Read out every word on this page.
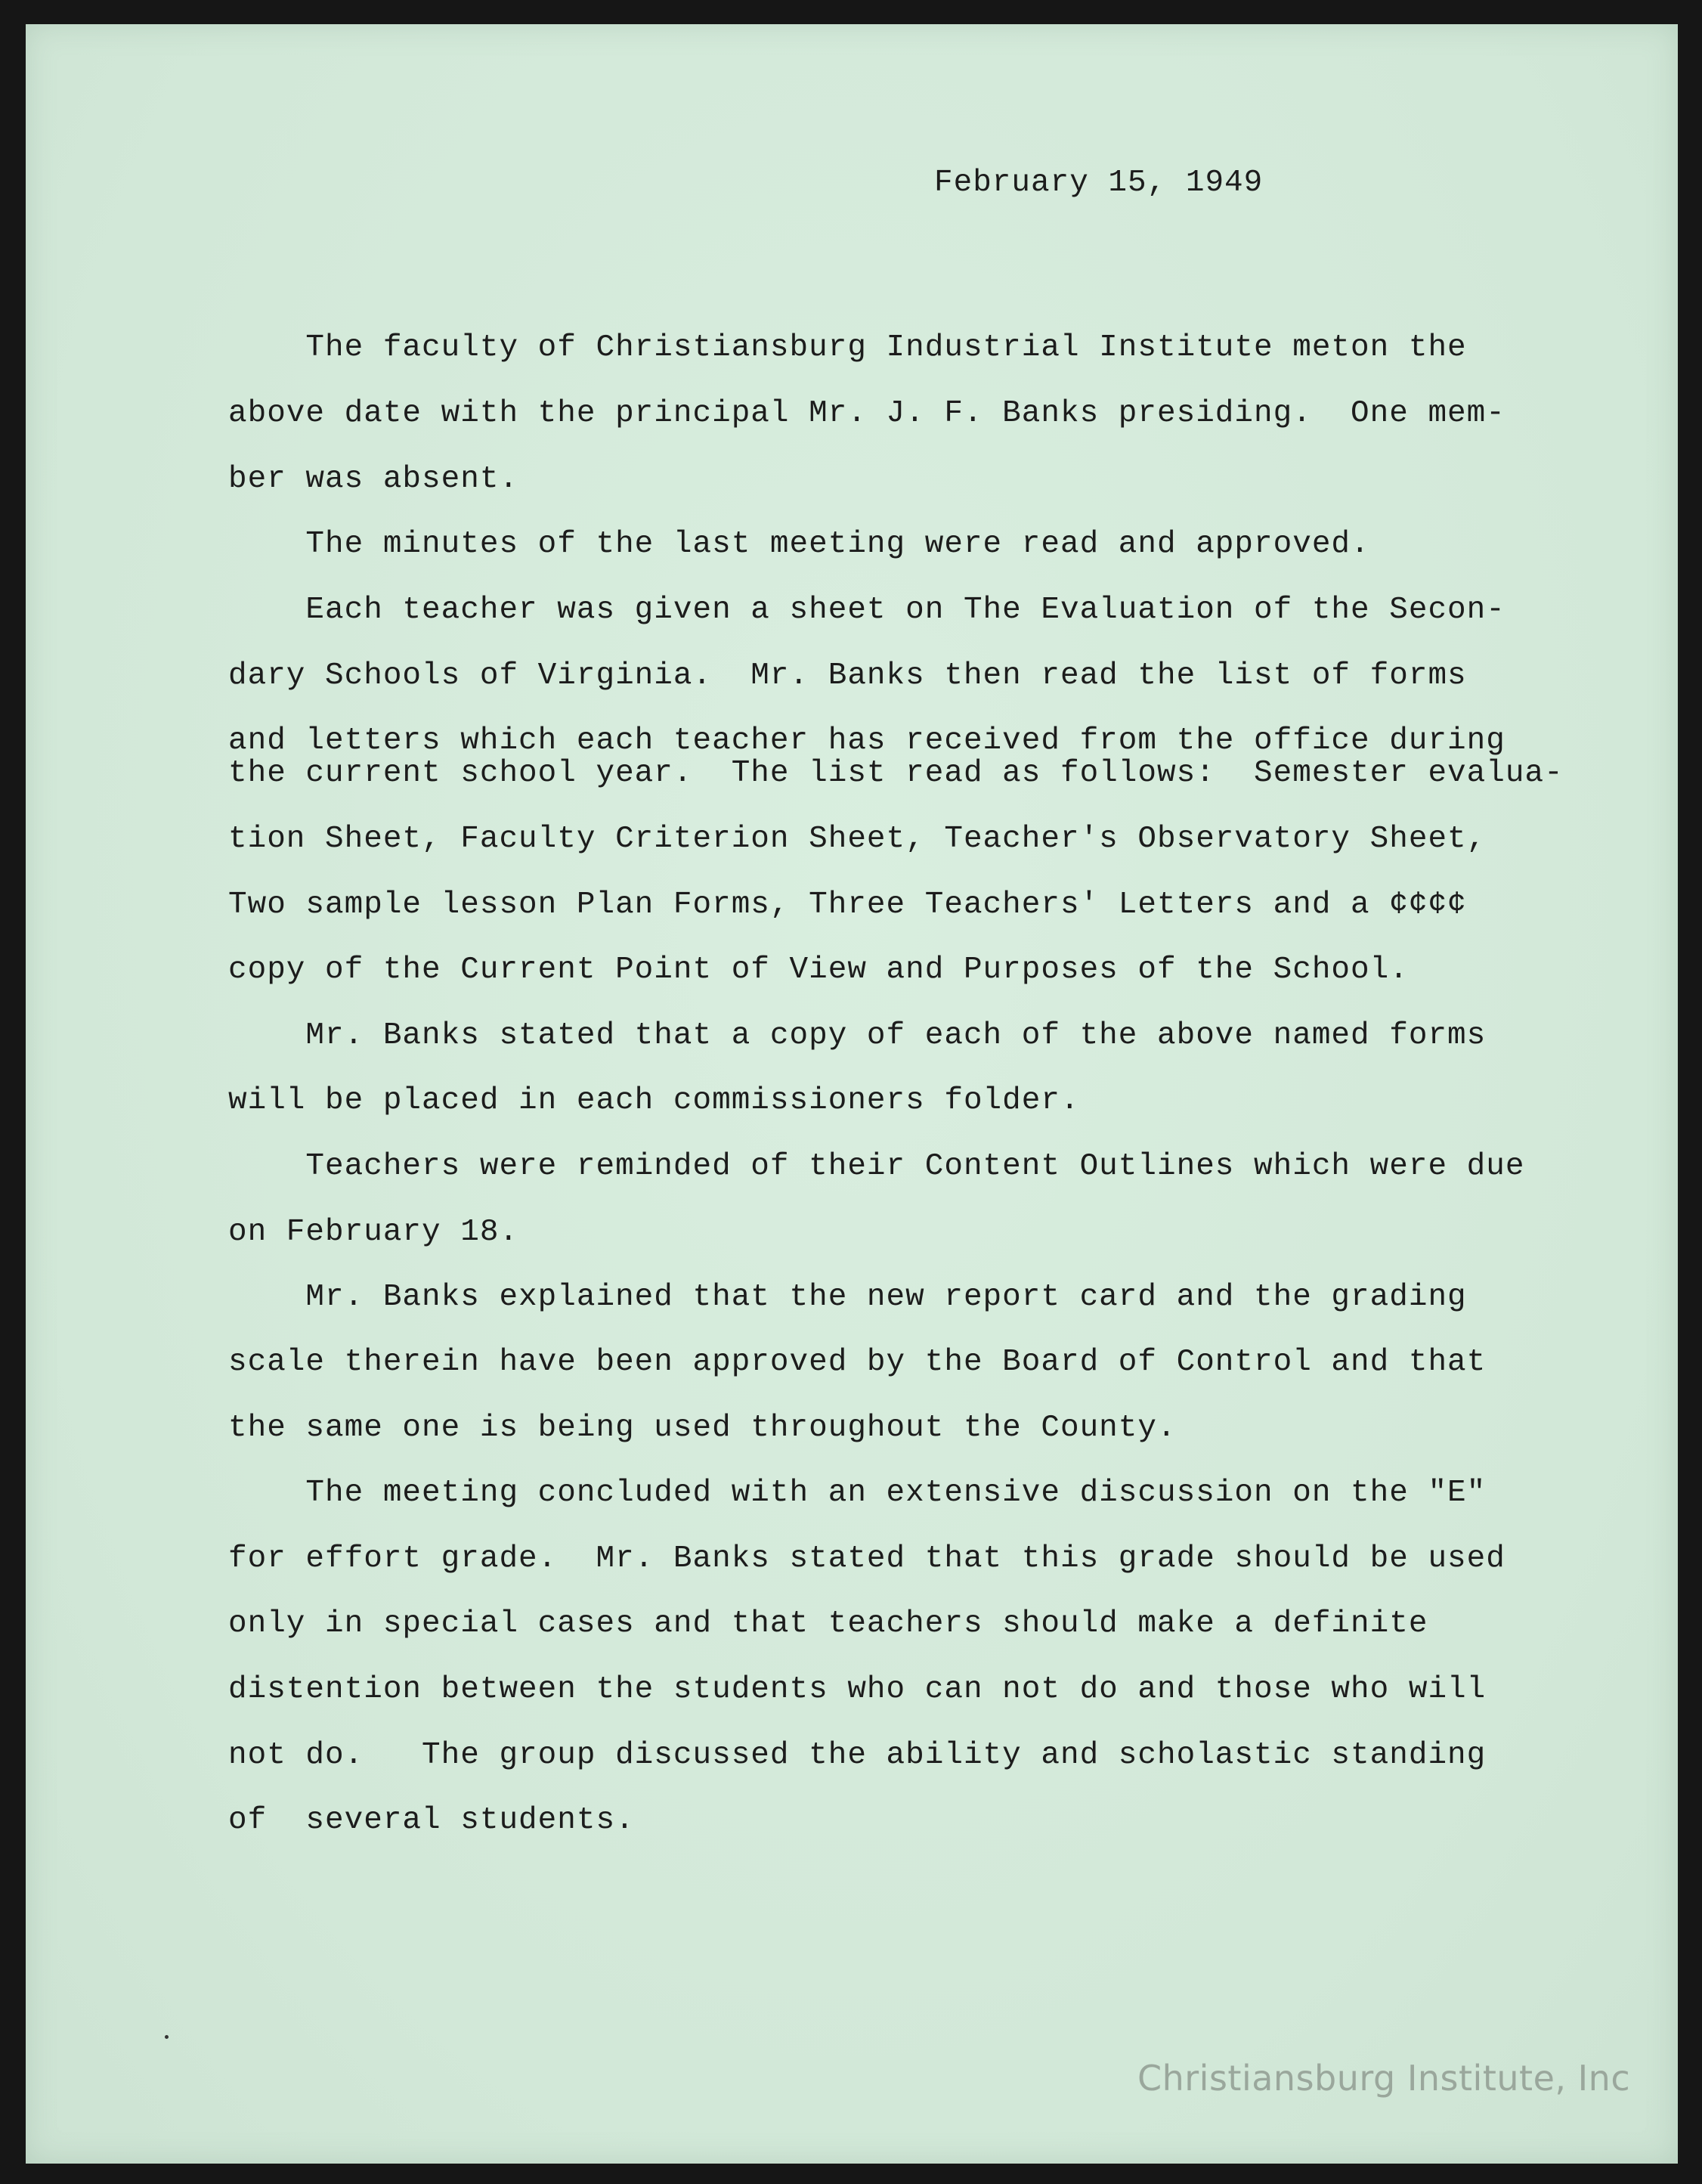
February 15, 1949
The faculty of Christiansburg Industrial Institute meton the
above date with the principal Mr. J. F. Banks presiding.  One mem-
ber was absent.
The minutes of the last meeting were read and approved.
Each teacher was given a sheet on The Evaluation of the Secon-
dary Schools of Virginia.  Mr. Banks then read the list of forms
and letters which each teacher has received from the office during
the current school year.  The list read as follows:  Semester evalua-
tion Sheet, Faculty Criterion Sheet, Teacher's Observatory Sheet,
Two sample lesson Plan Forms, Three Teachers' Letters and a ¢¢¢¢
copy of the Current Point of View and Purposes of the School.
Mr. Banks stated that a copy of each of the above named forms
will be placed in each commissioners folder.
Teachers were reminded of their Content Outlines which were due
on February 18.
Mr. Banks explained that the new report card and the grading
scale therein have been approved by the Board of Control and that
the same one is being used throughout the County.
The meeting concluded with an extensive discussion on the "E"
for effort grade.  Mr. Banks stated that this grade should be used
only in special cases and that teachers should make a definite
distention between the students who can not do and those who will
not do.   The group discussed the ability and scholastic standing
of  several students.
Christiansburg Institute, Inc
